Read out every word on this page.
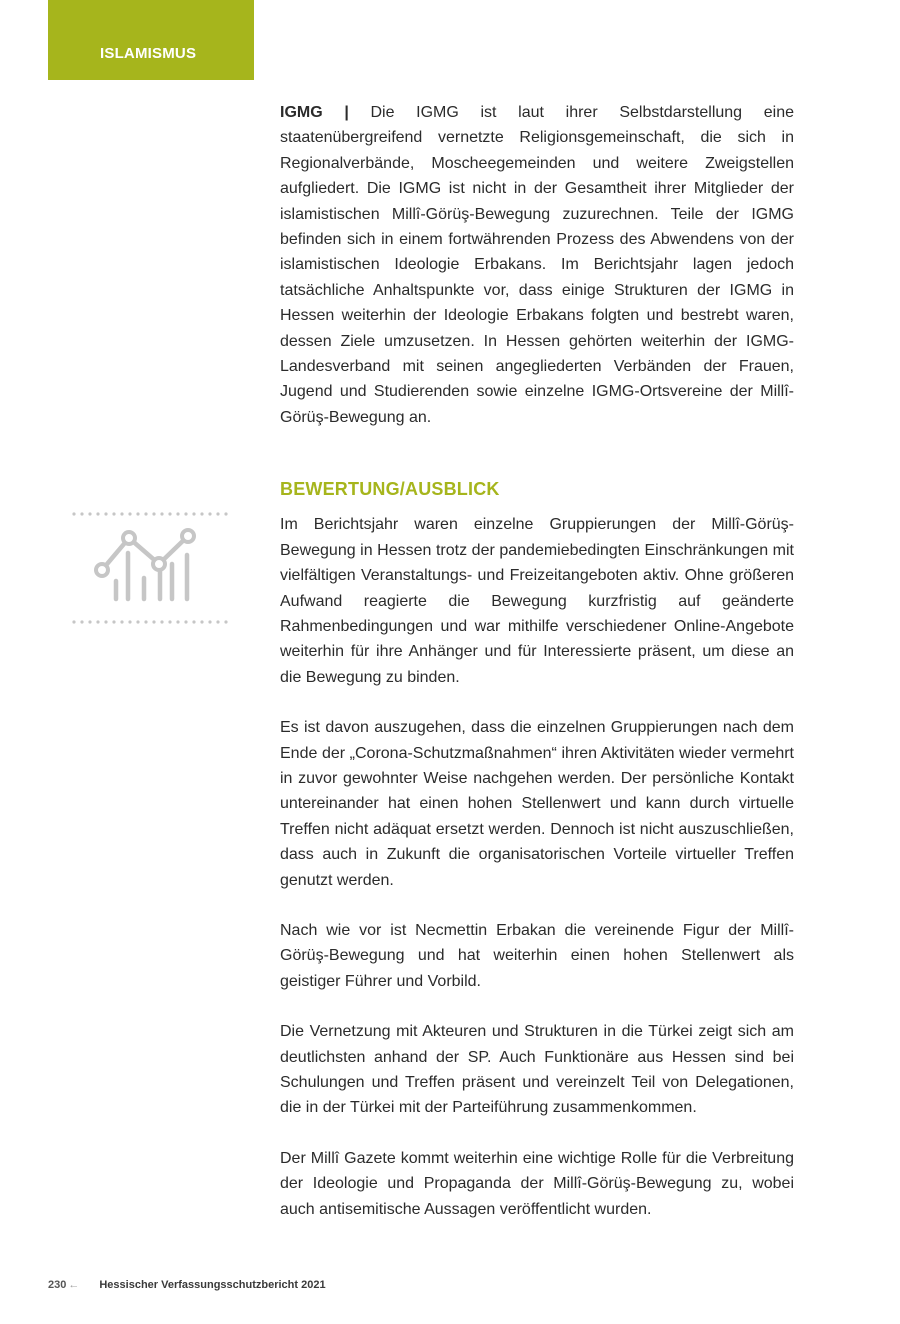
ISLAMISMUS

IGMG | Die IGMG ist laut ihrer Selbstdarstellung eine staatenübergreifend vernetzte Religionsgemeinschaft, die sich in Regionalverbände, Moscheegemeinden und weitere Zweigstellen aufgliedert. Die IGMG ist nicht in der Gesamtheit ihrer Mitglieder der islamistischen Millî-Görüş-Bewegung zuzurechnen. Teile der IGMG befinden sich in einem fortwährenden Prozess des Abwendens von der islamistischen Ideologie Erbakans. Im Berichtsjahr lagen jedoch tatsächliche Anhaltspunkte vor, dass einige Strukturen der IGMG in Hessen weiterhin der Ideologie Erbakans folgten und bestrebt waren, dessen Ziele umzusetzen. In Hessen gehörten weiterhin der IGMG-Landesverband mit seinen angegliederten Verbänden der Frauen, Jugend und Studierenden sowie einzelne IGMG-Ortsvereine der Millî-Görüş-Bewegung an.

BEWERTUNG/AUSBLICK

Im Berichtsjahr waren einzelne Gruppierungen der Millî-Görüş-Bewegung in Hessen trotz der pandemiebedingten Einschränkungen mit vielfältigen Veranstaltungs- und Freizeitangeboten aktiv. Ohne größeren Aufwand reagierte die Bewegung kurzfristig auf geänderte Rahmenbedingungen und war mithilfe verschiedener Online-Angebote weiterhin für ihre Anhänger und für Interessierte präsent, um diese an die Bewegung zu binden.

Es ist davon auszugehen, dass die einzelnen Gruppierungen nach dem Ende der „Corona-Schutzmaßnahmen“ ihren Aktivitäten wieder vermehrt in zuvor gewohnter Weise nachgehen werden. Der persönliche Kontakt untereinander hat einen hohen Stellenwert und kann durch virtuelle Treffen nicht adäquat ersetzt werden. Dennoch ist nicht auszuschließen, dass auch in Zukunft die organisatorischen Vorteile virtueller Treffen genutzt werden.

Nach wie vor ist Necmettin Erbakan die vereinende Figur der Millî-Görüş-Bewegung und hat weiterhin einen hohen Stellenwert als geistiger Führer und Vorbild.

Die Vernetzung mit Akteuren und Strukturen in die Türkei zeigt sich am deutlichsten anhand der SP. Auch Funktionäre aus Hessen sind bei Schulungen und Treffen präsent und vereinzelt Teil von Delegationen, die in der Türkei mit der Parteiführung zusammenkommen.

Der Millî Gazete kommt weiterhin eine wichtige Rolle für die Verbreitung der Ideologie und Propaganda der Millî-Görüş-Bewegung zu, wobei auch antisemitische Aussagen veröffentlicht wurden.

230 ← Hessischer Verfassungsschutzbericht 2021
